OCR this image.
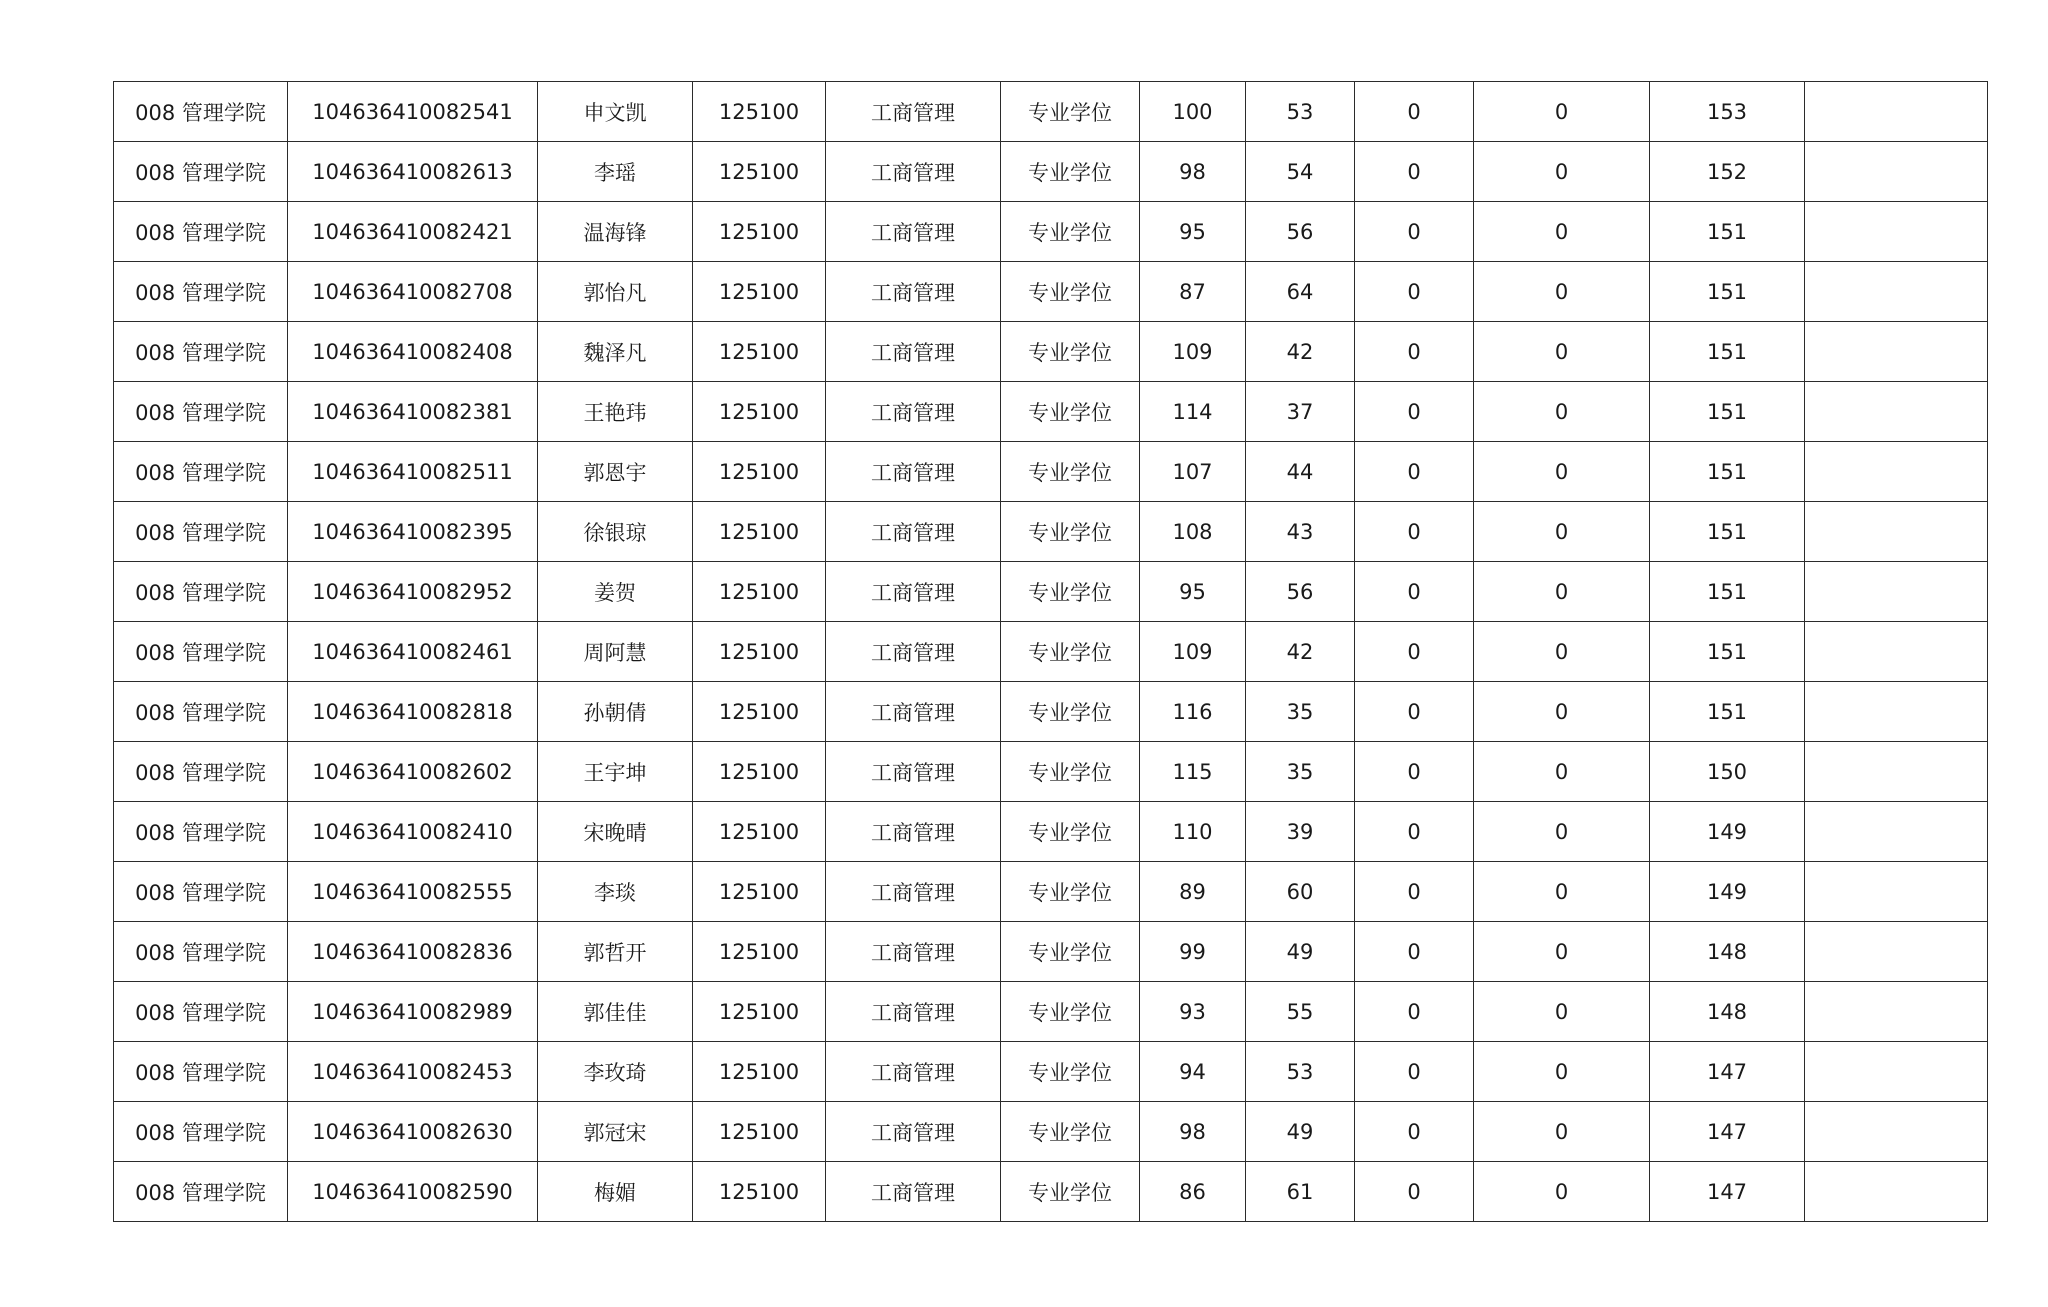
008 管理学院	104636410082541	申文凯	125100	工商管理	专业学位	100	53	0	0	153	
008 管理学院	104636410082613	李瑶	125100	工商管理	专业学位	98	54	0	0	152	
008 管理学院	104636410082421	温海锋	125100	工商管理	专业学位	95	56	0	0	151	
008 管理学院	104636410082708	郭怡凡	125100	工商管理	专业学位	87	64	0	0	151	
008 管理学院	104636410082408	魏泽凡	125100	工商管理	专业学位	109	42	0	0	151	
008 管理学院	104636410082381	王艳玮	125100	工商管理	专业学位	114	37	0	0	151	
008 管理学院	104636410082511	郭恩宇	125100	工商管理	专业学位	107	44	0	0	151	
008 管理学院	104636410082395	徐银琼	125100	工商管理	专业学位	108	43	0	0	151	
008 管理学院	104636410082952	姜贺	125100	工商管理	专业学位	95	56	0	0	151	
008 管理学院	104636410082461	周阿慧	125100	工商管理	专业学位	109	42	0	0	151	
008 管理学院	104636410082818	孙朝倩	125100	工商管理	专业学位	116	35	0	0	151	
008 管理学院	104636410082602	王宇坤	125100	工商管理	专业学位	115	35	0	0	150	
008 管理学院	104636410082410	宋晚晴	125100	工商管理	专业学位	110	39	0	0	149	
008 管理学院	104636410082555	李琰	125100	工商管理	专业学位	89	60	0	0	149	
008 管理学院	104636410082836	郭哲开	125100	工商管理	专业学位	99	49	0	0	148	
008 管理学院	104636410082989	郭佳佳	125100	工商管理	专业学位	93	55	0	0	148	
008 管理学院	104636410082453	李玫琦	125100	工商管理	专业学位	94	53	0	0	147	
008 管理学院	104636410082630	郭冠宋	125100	工商管理	专业学位	98	49	0	0	147	
008 管理学院	104636410082590	梅媚	125100	工商管理	专业学位	86	61	0	0	147	
